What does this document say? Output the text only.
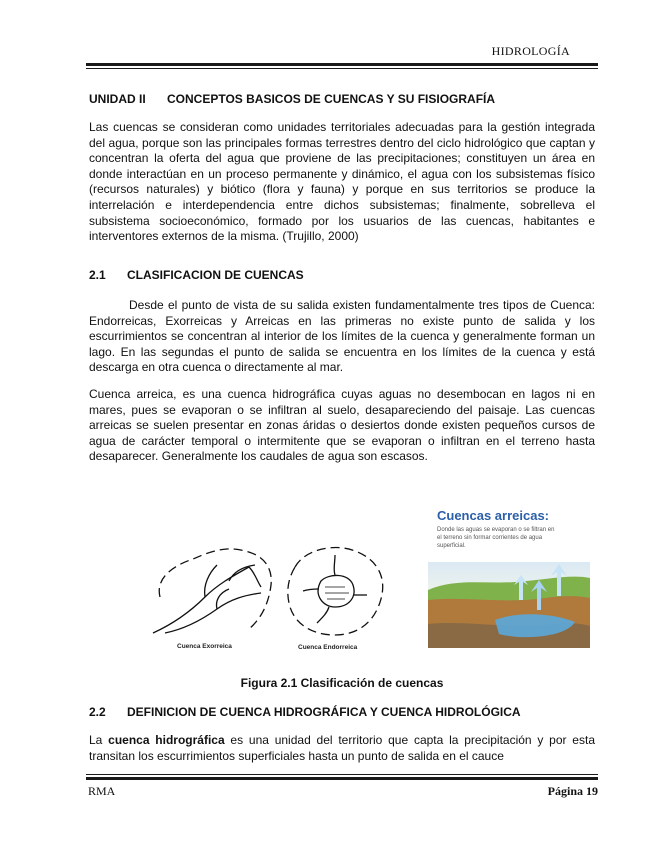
HIDROLOGÍA
UNIDAD II CONCEPTOS BASICOS DE CUENCAS Y SU FISIOGRAFÍA

Las cuencas se consideran como unidades territoriales adecuadas para la gestión integrada del agua, porque son las principales formas terrestres dentro del ciclo hidrológico que captan y concentran la oferta del agua que proviene de las precipitaciones; constituyen un área en donde interactúan en un proceso permanente y dinámico, el agua con los subsistemas físico (recursos naturales) y biótico (flora y fauna) y porque en sus territorios se produce la interrelación e interdependencia entre dichos subsistemas; finalmente, sobrelleva el subsistema socioeconómico, formado por los usuarios de las cuencas, habitantes e interventores externos de la misma. (Trujillo, 2000)

2.1 CLASIFICACION DE CUENCAS

Desde el punto de vista de su salida existen fundamentalmente tres tipos de Cuenca: Endorreicas, Exorreicas y Arreicas en las primeras no existe punto de salida y los escurrimientos se concentran al interior de los límites de la cuenca y generalmente forman un lago. En las segundas el punto de salida se encuentra en los límites de la cuenca y está descarga en otra cuenca o directamente al mar.

Cuenca arreica, es una cuenca hidrográfica cuyas aguas no desembocan en lagos ni en mares, pues se evaporan o se infiltran al suelo, desapareciendo del paisaje. Las cuencas arreicas se suelen presentar en zonas áridas o desiertos donde existen pequeños cursos de agua de carácter temporal o intermitente que se evaporan o infiltran en el terreno hasta desaparecer. Generalmente los caudales de agua son escasos.

Figura 2.1 Clasificación de cuencas
2.2 DEFINICION DE CUENCA HIDROGRÁFICA Y CUENCA HIDROLÓGICA

La cuenca hidrográfica es una unidad del territorio que capta la precipitación y por esta transitan los escurrimientos superficiales hasta un punto de salida en el cauce

Cuenca Exorreica	Cuenca Endorreica
Cuencas arreicas:
Donde las aguas se evaporan o se filtran en el terreno sin formar corrientes de agua superficial.
RMA	Página 19
